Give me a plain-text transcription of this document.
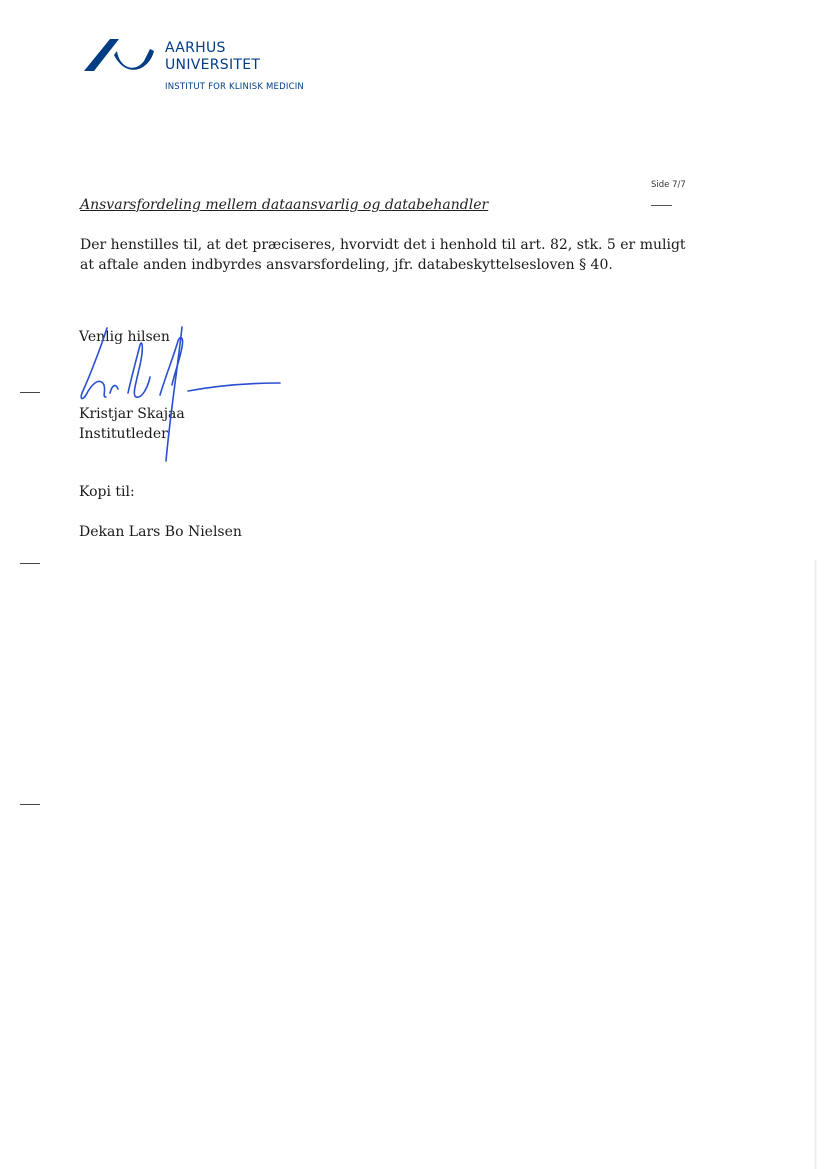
AARHUS
UNIVERSITET
INSTITUT FOR KLINISK MEDICIN
Side 7/7
Ansvarsfordeling mellem dataansvarlig og databehandler
Der henstilles til, at det præciseres, hvorvidt det i henhold til art. 82, stk. 5 er muligt
at aftale anden indbyrdes ansvarsfordeling, jfr. databeskyttelsesloven § 40.
Venlig hilsen
Kristjar Skajaa
Institutleder
Kopi til:
Dekan Lars Bo Nielsen
